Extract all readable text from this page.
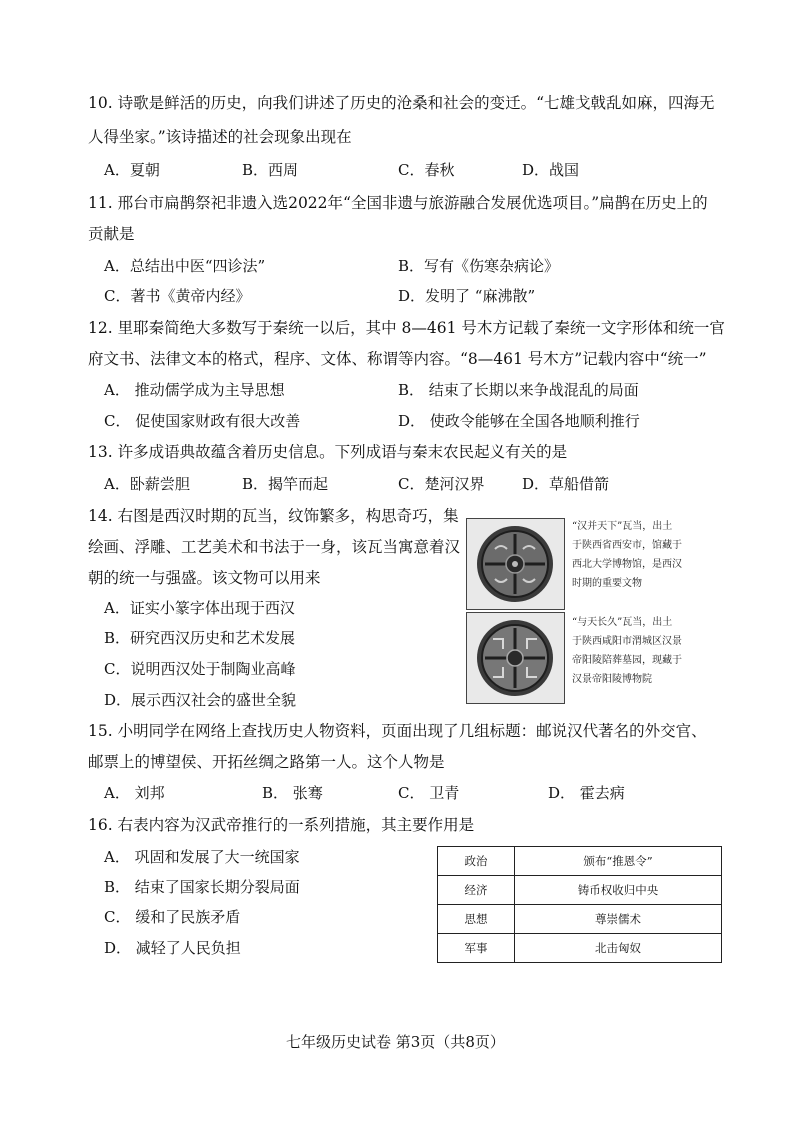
10. 诗歌是鲜活的历史，向我们讲述了历史的沧桑和社会的变迁。“七雄戈戟乱如麻，四海无
人得坐家。”该诗描述的社会现象出现在
A．夏朝	B．西周	C．春秋	D．战国
11. 邢台市扁鹊祭祀非遗入选2022年“全国非遗与旅游融合发展优选项目。”扁鹊在历史上的
贡献是
A．总结出中医“四诊法”	B．写有《伤寒杂病论》
C．著书《黄帝内经》	D．发明了 “麻沸散”
12. 里耶秦简绝大多数写于秦统一以后，其中 8—461 号木方记载了秦统一文字形体和统一官
府文书、法律文本的格式，程序、文体、称谓等内容。“8—461 号木方”记载内容中“统一”
A． 推动儒学成为主导思想	B． 结束了长期以来争战混乱的局面
C． 促使国家财政有很大改善	D． 使政令能够在全国各地顺利推行
13. 许多成语典故蕴含着历史信息。下列成语与秦末农民起义有关的是
A．卧薪尝胆	B．揭竿而起	C．楚河汉界	D．草船借箭
14. 右图是西汉时期的瓦当，纹饰繁多，构思奇巧，集
绘画、浮雕、工艺美术和书法于一身，该瓦当寓意着汉
朝的统一与强盛。该文物可以用来
A．证实小篆字体出现于西汉
B．研究西汉历史和艺术发展
C．说明西汉处于制陶业高峰
D．展示西汉社会的盛世全貌
“汉并天下”瓦当，出土
于陕西省西安市，馆藏于
西北大学博物馆，是西汉
时期的重要文物
“与天长久”瓦当，出土
于陕西咸阳市渭城区汉景
帝阳陵陪葬墓园，现藏于
汉景帝阳陵博物院
15. 小明同学在网络上查找历史人物资料，页面出现了几组标题：邮说汉代著名的外交官、
邮票上的博望侯、开拓丝绸之路第一人。这个人物是
A． 刘邦	B． 张骞	C． 卫青	D． 霍去病
16. 右表内容为汉武帝推行的一系列措施，其主要作用是
A． 巩固和发展了大一统国家
B． 结束了国家长期分裂局面
C． 缓和了民族矛盾
D． 减轻了人民负担
政治	颁布“推恩令”
经济	铸币权收归中央
思想	尊崇儒术
军事	北击匈奴
七年级历史试卷 第3页（共8页）
